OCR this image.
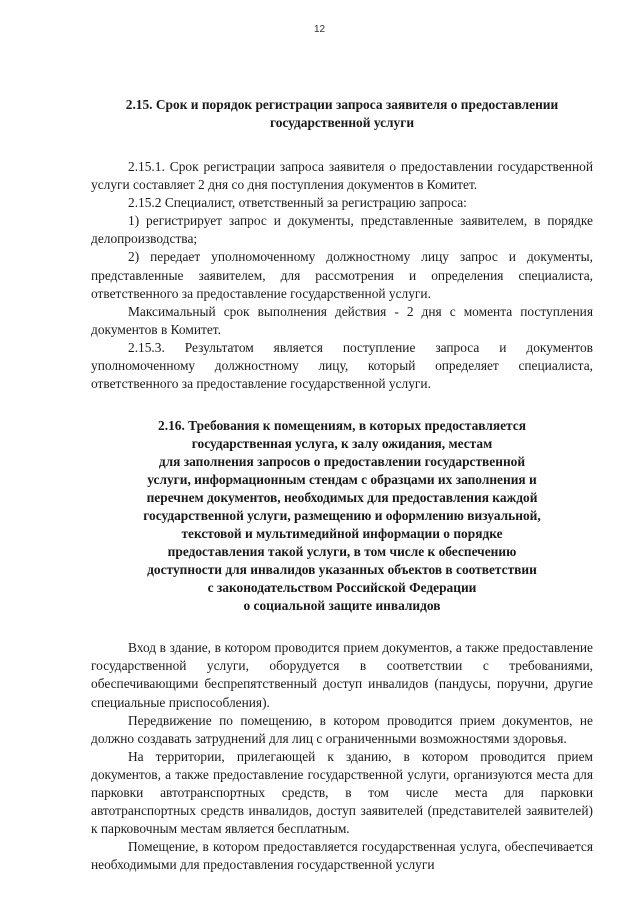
12
2.15. Срок и порядок регистрации запроса заявителя о предоставлении
государственной услуги

2.15.1. Срок регистрации запроса заявителя о предоставлении государственной услуги составляет 2 дня со дня поступления документов в Комитет.

2.15.2 Специалист, ответственный за регистрацию запроса:

1) регистрирует запрос и документы, представленные заявителем, в порядке делопроизводства;

2) передает уполномоченному должностному лицу запрос и документы, представленные заявителем, для рассмотрения и определения специалиста, ответственного за предоставление государственной услуги.

Максимальный срок выполнения действия - 2 дня с момента поступления документов в Комитет.

2.15.3. Результатом является поступление запроса и документов уполномоченному должностному лицу, который определяет специалиста, ответственного за предоставление государственной услуги.

2.16. Требования к помещениям, в которых предоставляется
государственная услуга, к залу ожидания, местам
для заполнения запросов о предоставлении государственной
услуги, информационным стендам с образцами их заполнения и
перечнем документов, необходимых для предоставления каждой
государственной услуги, размещению и оформлению визуальной,
текстовой и мультимедийной информации о порядке
предоставления такой услуги, в том числе к обеспечению
доступности для инвалидов указанных объектов в соответствии
с законодательством Российской Федерации
о социальной защите инвалидов

Вход в здание, в котором проводится прием документов, а также предоставление государственной услуги, оборудуется в соответствии с требованиями, обеспечивающими беспрепятственный доступ инвалидов (пандусы, поручни, другие специальные приспособления).

Передвижение по помещению, в котором проводится прием документов, не должно создавать затруднений для лиц с ограниченными возможностями здоровья.

На территории, прилегающей к зданию, в котором проводится прием документов, а также предоставление государственной услуги, организуются места для парковки автотранспортных средств, в том числе места для парковки автотранспортных средств инвалидов, доступ заявителей (представителей заявителей) к парковочным местам является бесплатным.

Помещение, в котором предоставляется государственная услуга, обеспечивается необходимыми для предоставления государственной услуги
